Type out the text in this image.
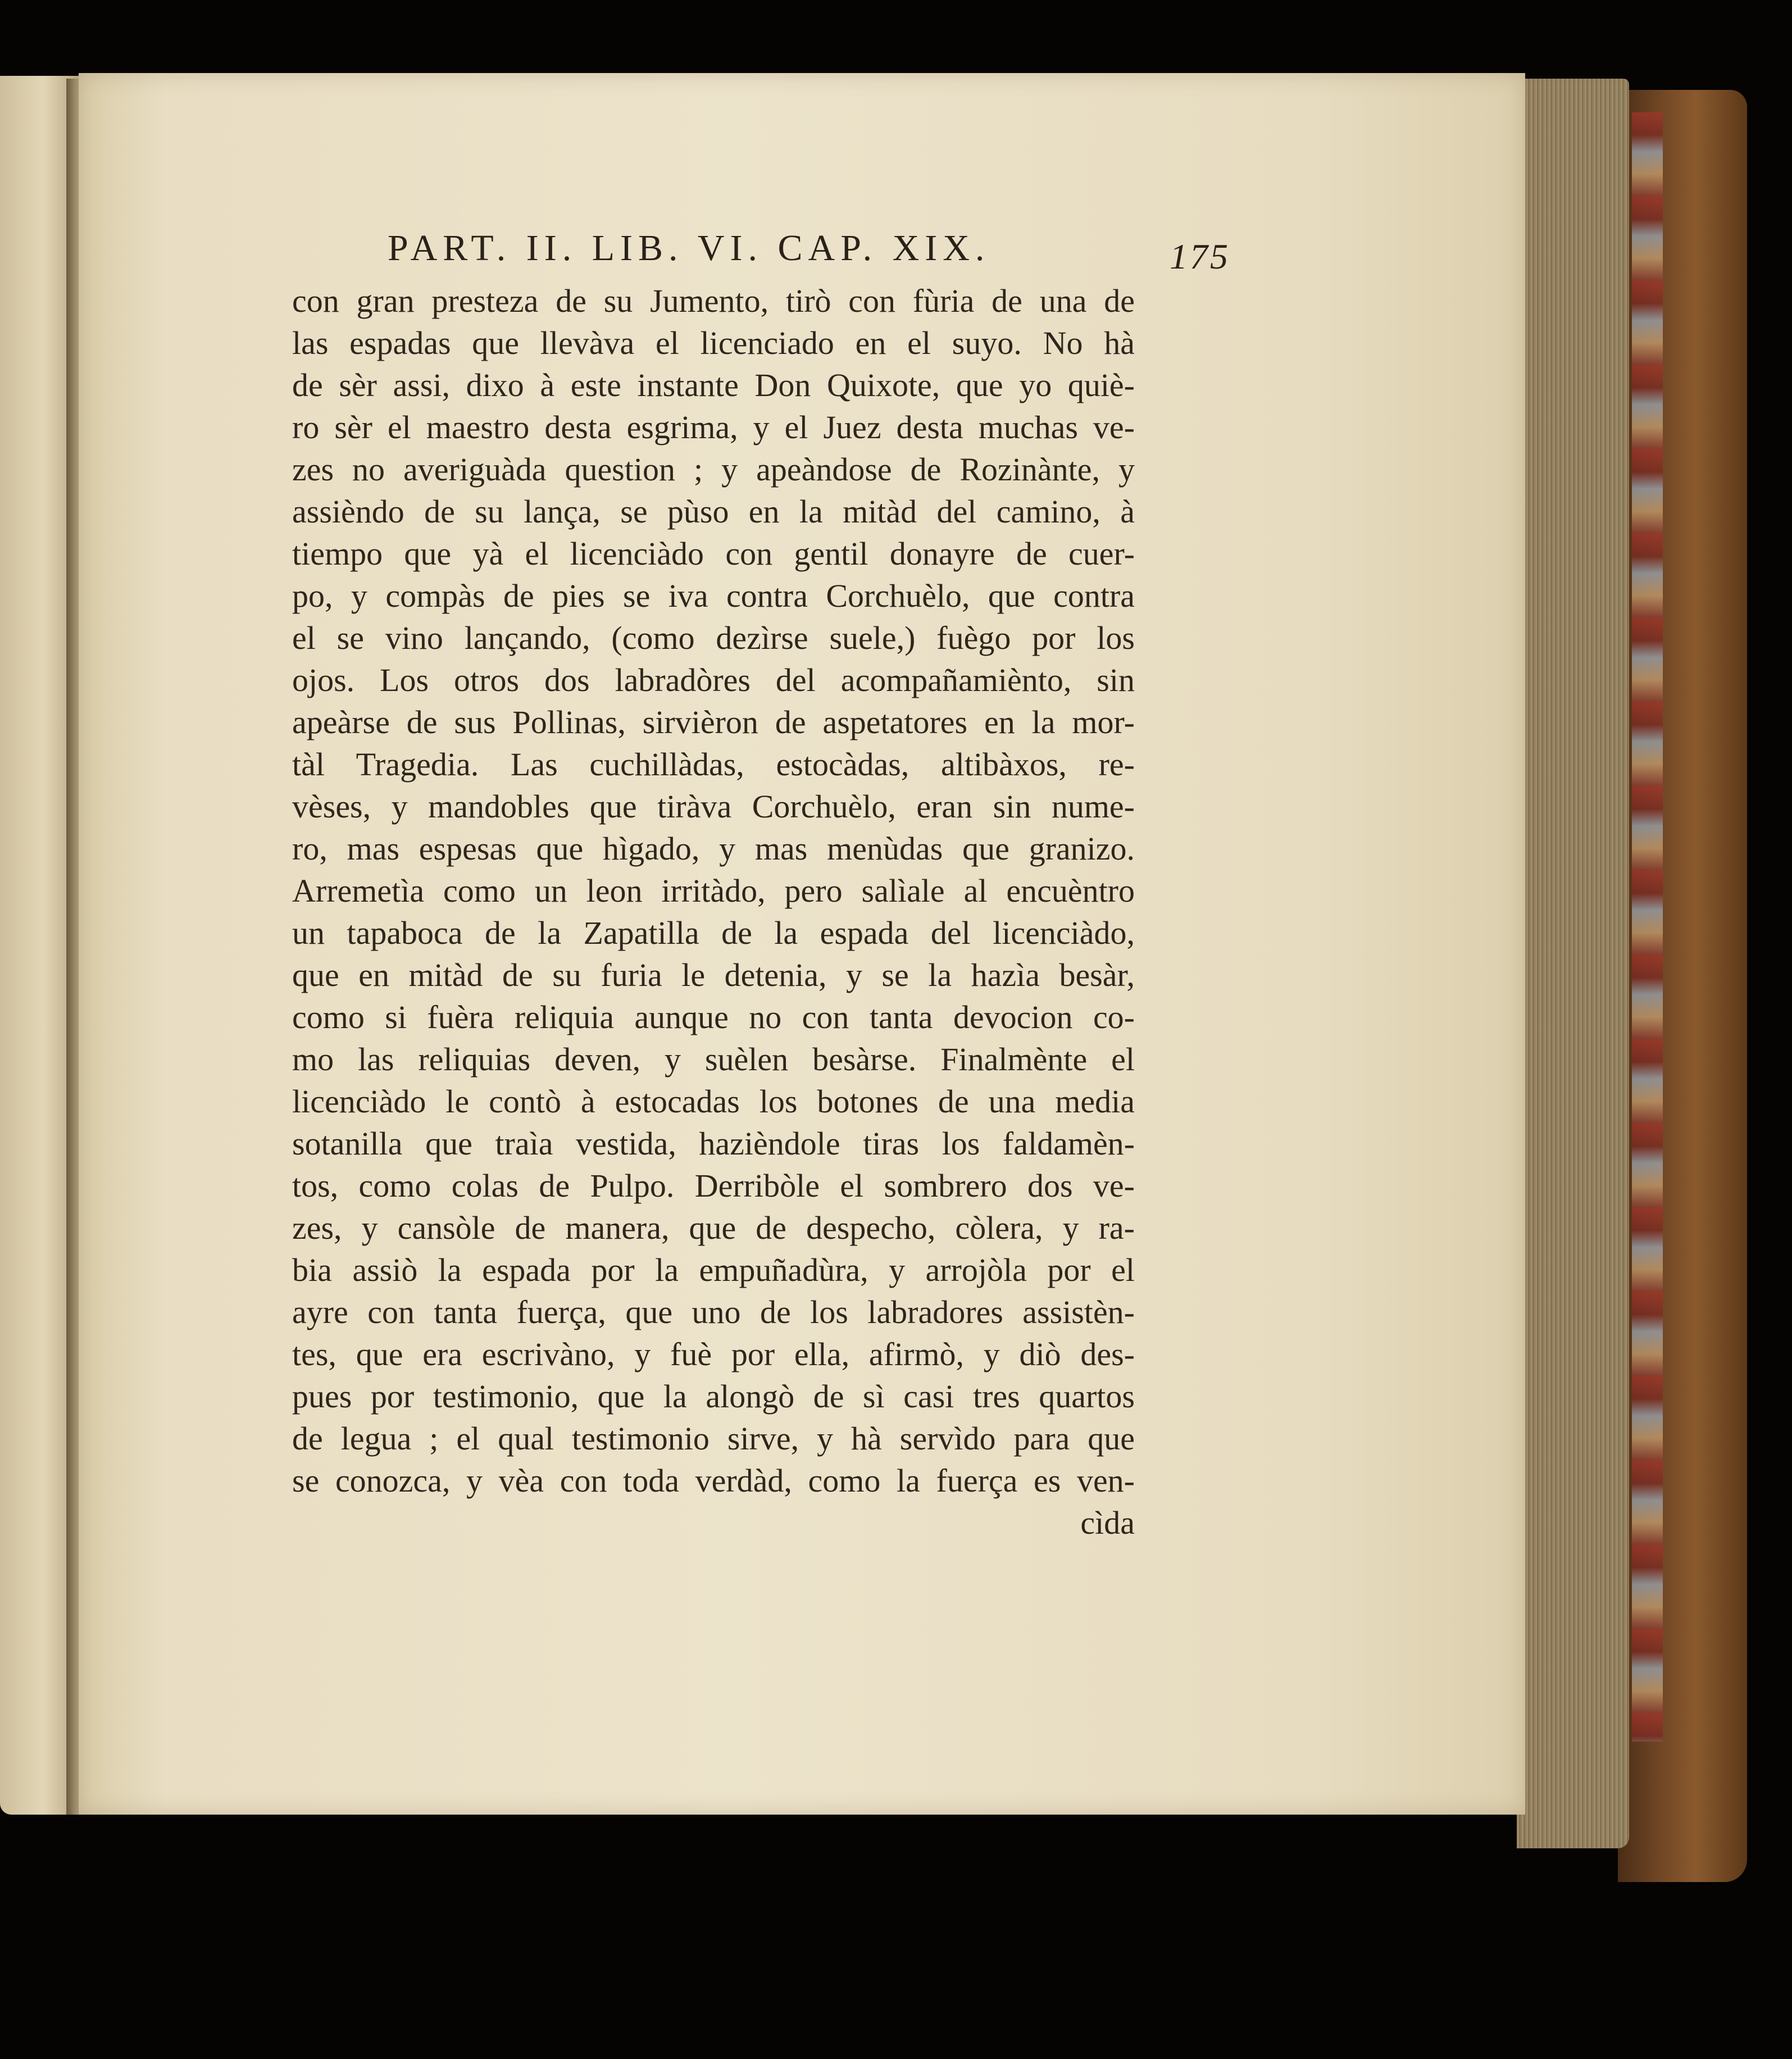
PART. II. LIB. VI. CAP. XIX.	175
con gran presteza de su Jumento, tirò con fùria de una de
las espadas que llevàva el licenciado en el suyo. No hà
de sèr assi, dixo à este instante Don Quixote, que yo quiè-
ro sèr el maestro desta esgrima, y el Juez desta muchas ve-
zes no averiguàda question ; y apeàndose de Rozinànte, y
assièndo de su lança, se pùso en la mitàd del camino, à
tiempo que yà el licenciàdo con gentil donayre de cuer-
po, y compàs de pies se iva contra Corchuèlo, que contra
el se vino lançando, (como dezìrse suele,) fuègo por los
ojos. Los otros dos labradòres del acompañamiènto, sin
apeàrse de sus Pollinas, sirvièron de aspetatores en la mor-
tàl Tragedia. Las cuchillàdas, estocàdas, altibàxos, re-
vèses, y mandobles que tiràva Corchuèlo, eran sin nume-
ro, mas espesas que hìgado, y mas menùdas que granizo.
Arremetìa como un leon irritàdo, pero salìale al encuèntro
un tapaboca de la Zapatilla de la espada del licenciàdo,
que en mitàd de su furia le detenia, y se la hazìa besàr,
como si fuèra reliquia aunque no con tanta devocion co-
mo las reliquias deven, y suèlen besàrse. Finalmènte el
licenciàdo le contò à estocadas los botones de una media
sotanilla que traìa vestida, hazièndole tiras los faldamèn-
tos, como colas de Pulpo. Derribòle el sombrero dos ve-
zes, y cansòle de manera, que de despecho, còlera, y ra-
bia assiò la espada por la empuñadùra, y arrojòla por el
ayre con tanta fuerça, que uno de los labradores assistèn-
tes, que era escrivàno, y fuè por ella, afirmò, y diò des-
pues por testimonio, que la alongò de sì casi tres quartos
de legua ; el qual testimonio sirve, y hà servìdo para que
se conozca, y vèa con toda verdàd, como la fuerça es ven-
cìda
